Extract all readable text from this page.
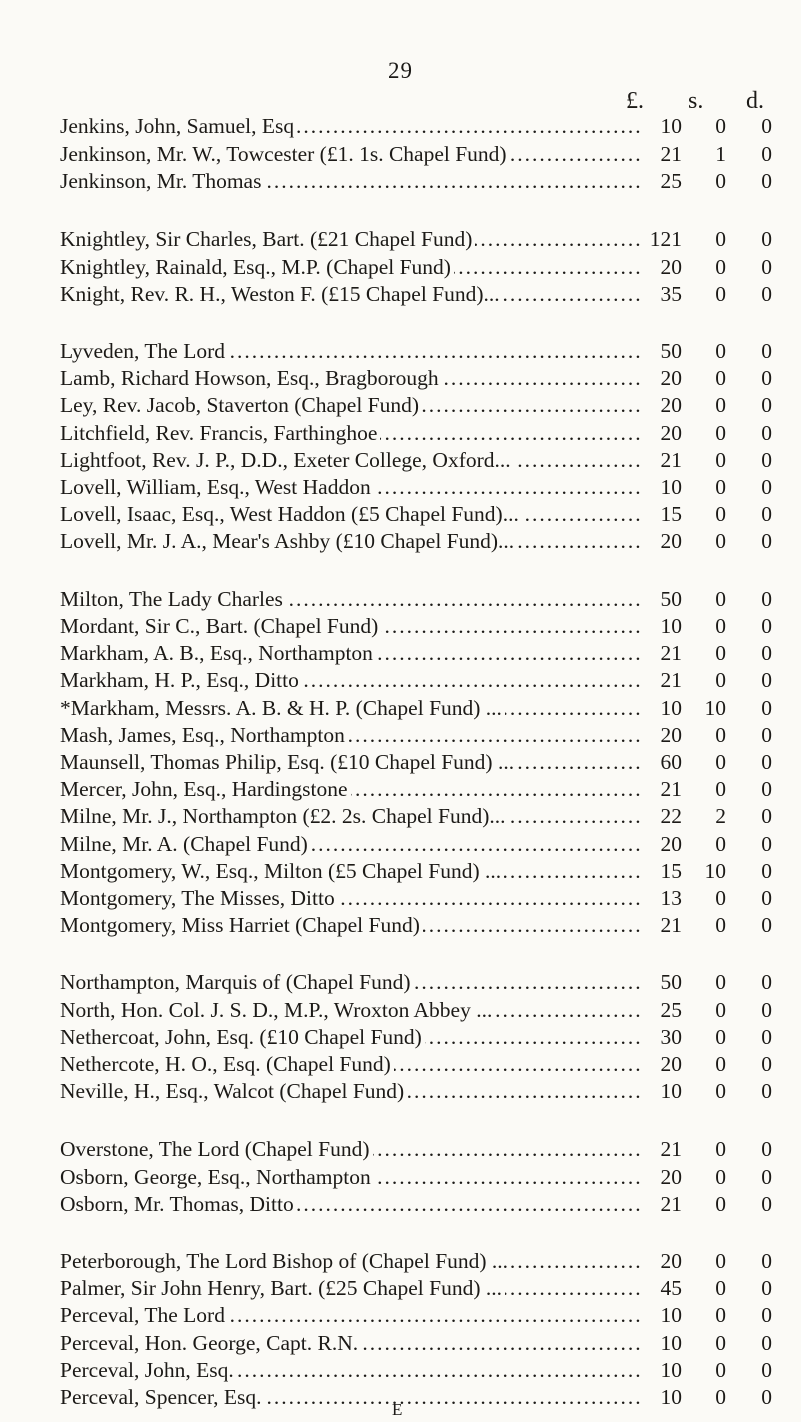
29
£. s. d.
Jenkins, John, Samuel, Esq .....	10	0	0
Jenkinson, Mr. W., Towcester (£1. 1s. Chapel Fund) .....	21	1	0
Jenkinson, Mr. Thomas .....	25	0	0
Knightley, Sir Charles, Bart. (£21 Chapel Fund) .....	121	0	0
Knightley, Rainald, Esq., M.P. (Chapel Fund) .....	20	0	0
Knight, Rev. R. H., Weston F. (£15 Chapel Fund)... .....	35	0	0
Lyveden, The Lord .....	50	0	0
Lamb, Richard Howson, Esq., Bragborough .....	20	0	0
Ley, Rev. Jacob, Staverton (Chapel Fund) .....	20	0	0
Litchfield, Rev. Francis, Farthinghoe .....	20	0	0
Lightfoot, Rev. J. P., D.D., Exeter College, Oxford... .....	21	0	0
Lovell, William, Esq., West Haddon .....	10	0	0
Lovell, Isaac, Esq., West Haddon (£5 Chapel Fund)... .....	15	0	0
Lovell, Mr. J. A., Mear's Ashby (£10 Chapel Fund)... .....	20	0	0
Milton, The Lady Charles .....	50	0	0
Mordant, Sir C., Bart. (Chapel Fund) .....	10	0	0
Markham, A. B., Esq., Northampton .....	21	0	0
Markham, H. P., Esq., Ditto .....	21	0	0
*Markham, Messrs. A. B. & H. P. (Chapel Fund) ... .....	10	10	0
Mash, James, Esq., Northampton .....	20	0	0
Maunsell, Thomas Philip, Esq. (£10 Chapel Fund) ... .....	60	0	0
Mercer, John, Esq., Hardingstone .....	21	0	0
Milne, Mr. J., Northampton (£2. 2s. Chapel Fund)... .....	22	2	0
Milne, Mr. A. (Chapel Fund) .....	20	0	0
Montgomery, W., Esq., Milton (£5 Chapel Fund) ... .....	15	10	0
Montgomery, The Misses, Ditto .....	13	0	0
Montgomery, Miss Harriet (Chapel Fund) .....	21	0	0
Northampton, Marquis of (Chapel Fund) .....	50	0	0
North, Hon. Col. J. S. D., M.P., Wroxton Abbey ... .....	25	0	0
Nethercoat, John, Esq. (£10 Chapel Fund) .....	30	0	0
Nethercote, H. O., Esq. (Chapel Fund) .....	20	0	0
Neville, H., Esq., Walcot (Chapel Fund) .....	10	0	0
Overstone, The Lord (Chapel Fund) .....	21	0	0
Osborn, George, Esq., Northampton .....	20	0	0
Osborn, Mr. Thomas, Ditto .....	21	0	0
Peterborough, The Lord Bishop of (Chapel Fund) ... .....	20	0	0
Palmer, Sir John Henry, Bart. (£25 Chapel Fund) ... .....	45	0	0
Perceval, The Lord .....	10	0	0
Perceval, Hon. George, Capt. R.N. .....	10	0	0
Perceval, John, Esq. .....	10	0	0
Perceval, Spencer, Esq. .....	10	0	0
E
